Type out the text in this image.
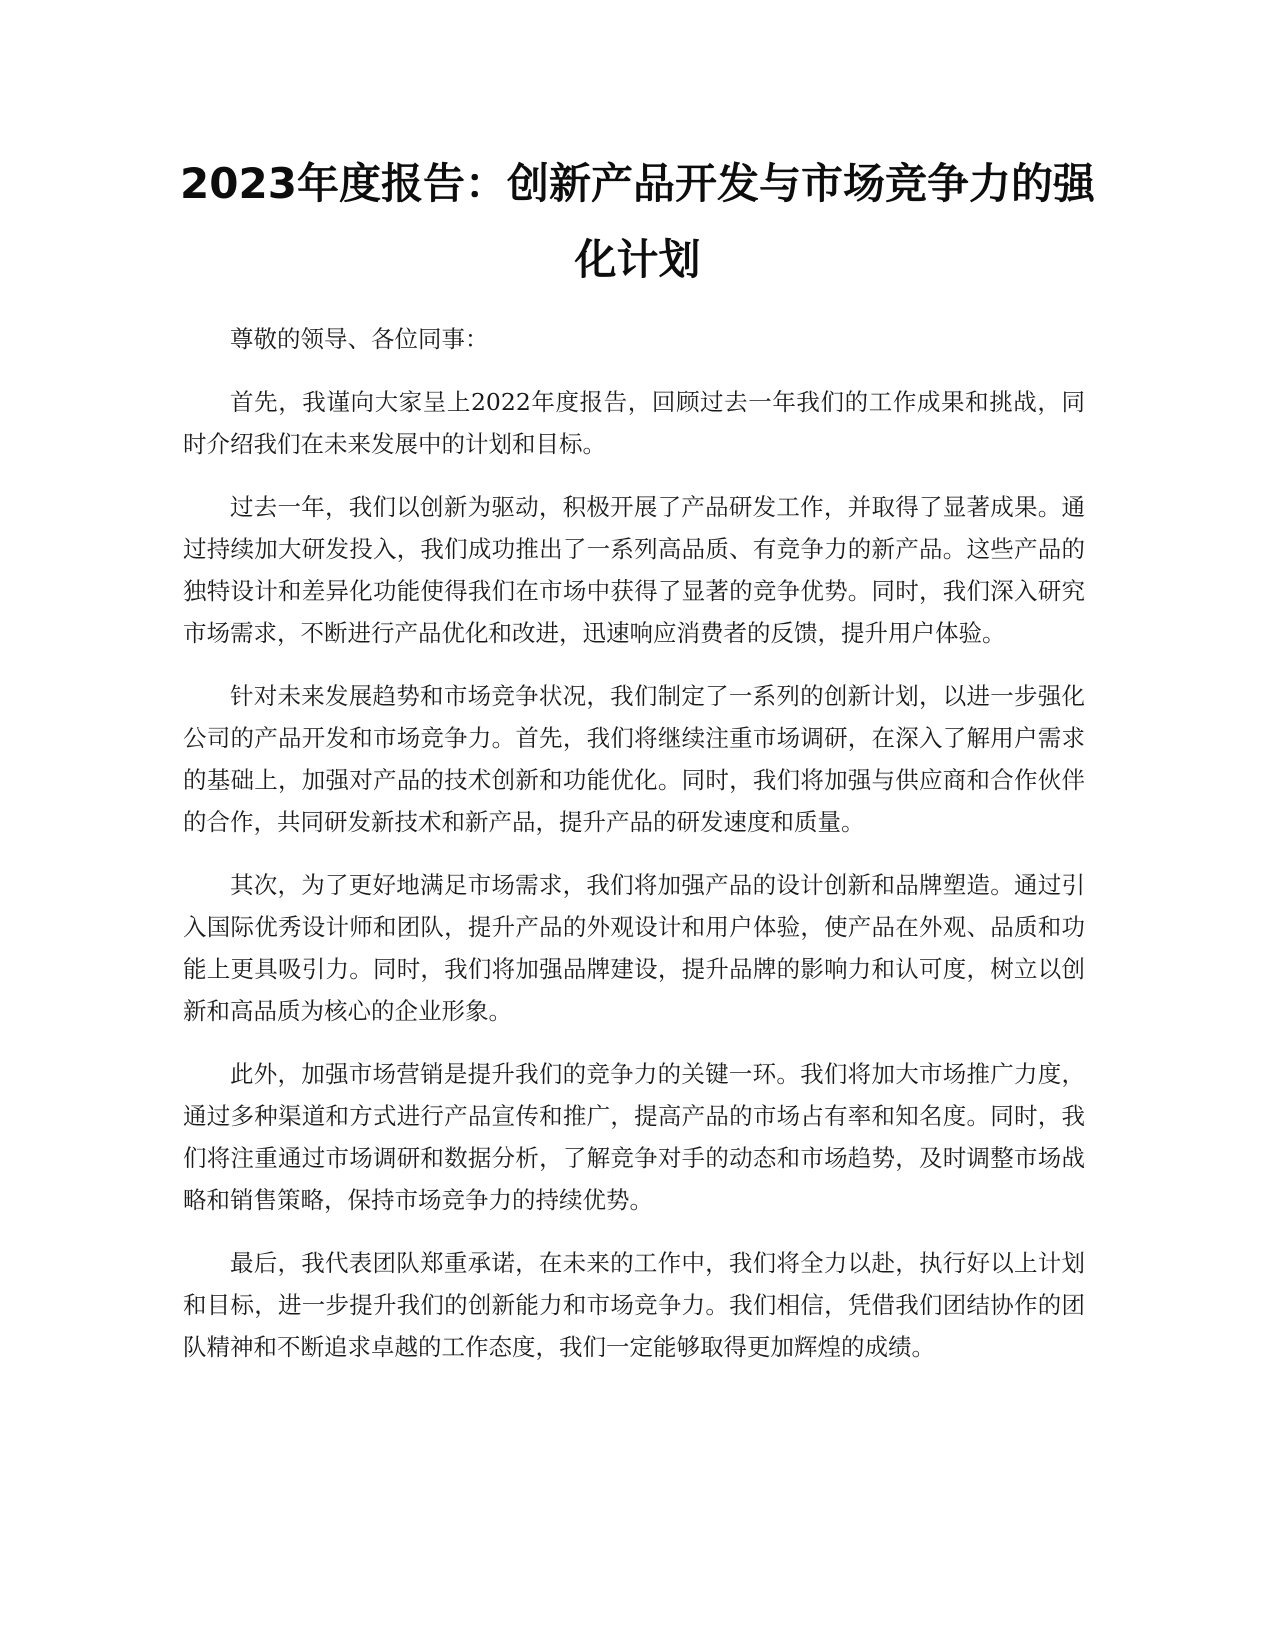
2023年度报告：创新产品开发与市场竞争力的强化计划

尊敬的领导、各位同事：

首先，我谨向大家呈上2022年度报告，回顾过去一年我们的工作成果和挑战，同时介绍我们在未来发展中的计划和目标。

过去一年，我们以创新为驱动，积极开展了产品研发工作，并取得了显著成果。通过持续加大研发投入，我们成功推出了一系列高品质、有竞争力的新产品。这些产品的独特设计和差异化功能使得我们在市场中获得了显著的竞争优势。同时，我们深入研究市场需求，不断进行产品优化和改进，迅速响应消费者的反馈，提升用户体验。

针对未来发展趋势和市场竞争状况，我们制定了一系列的创新计划，以进一步强化公司的产品开发和市场竞争力。首先，我们将继续注重市场调研，在深入了解用户需求的基础上，加强对产品的技术创新和功能优化。同时，我们将加强与供应商和合作伙伴的合作，共同研发新技术和新产品，提升产品的研发速度和质量。

其次，为了更好地满足市场需求，我们将加强产品的设计创新和品牌塑造。通过引入国际优秀设计师和团队，提升产品的外观设计和用户体验，使产品在外观、品质和功能上更具吸引力。同时，我们将加强品牌建设，提升品牌的影响力和认可度，树立以创新和高品质为核心的企业形象。

此外，加强市场营销是提升我们的竞争力的关键一环。我们将加大市场推广力度，通过多种渠道和方式进行产品宣传和推广，提高产品的市场占有率和知名度。同时，我们将注重通过市场调研和数据分析，了解竞争对手的动态和市场趋势，及时调整市场战略和销售策略，保持市场竞争力的持续优势。

最后，我代表团队郑重承诺，在未来的工作中，我们将全力以赴，执行好以上计划和目标，进一步提升我们的创新能力和市场竞争力。我们相信，凭借我们团结协作的团队精神和不断追求卓越的工作态度，我们一定能够取得更加辉煌的成绩。
